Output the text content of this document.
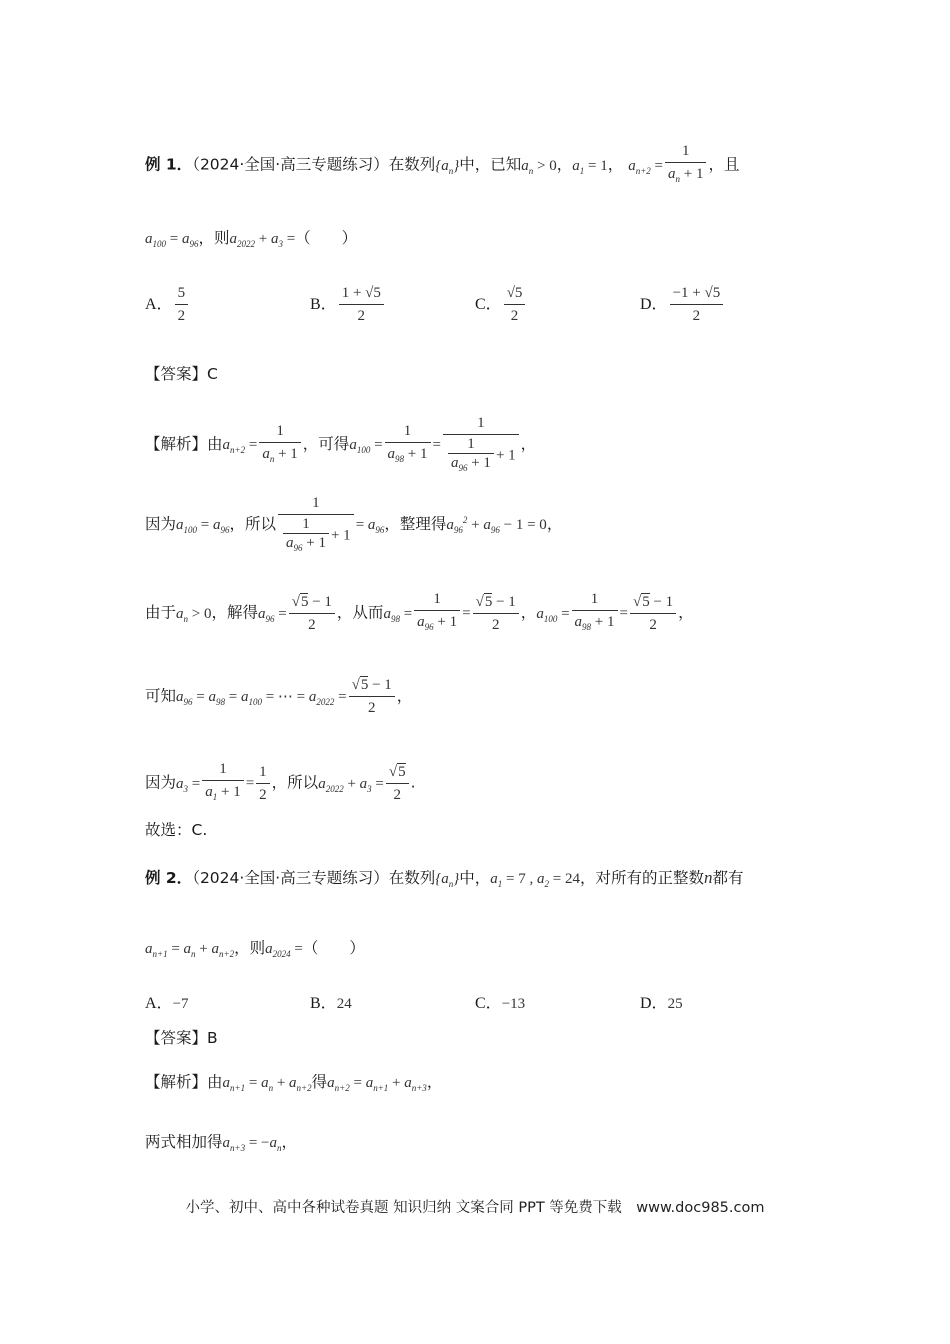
例 1．（2024·全国·高三专题练习）在数列$\{a_n\}$中，已知$a_n > 0$，$a_1 = 1$， $a_{n+2} = \frac{1}{a_n + 1}$ ，且
$a_{100} = a_{96}$，则$a_{2022} + a_3$ =（　　）
A． $\frac{5}{2}$	B． $\frac{1 + √5}{2}$	C． $\frac{√5}{2}$	D． $\frac{-1 + √5}{2}$
【答案】C
【解析】由$a_{n+2} = \frac{1}{a_n + 1}$ ，可得$a_{100} = \frac{1}{a_{98} + 1} = \frac{1}{\frac{1}{a_{96} + 1} + 1}$ ，
因为$a_{100} = a_{96}$，所以 $\frac{1}{\frac{1}{a_{96} + 1} + 1} = a_{96}$，整理得$a_{96}^2 + a_{96} - 1 = 0$，
由于$a_n > 0$，解得$a_{96} = \frac{√5 - 1}{2}$ ，从而$a_{98} = \frac{1}{a_{96} + 1} = \frac{√5 - 1}{2}$ ，$a_{100} = \frac{1}{a_{98} + 1} = \frac{√5 - 1}{2}$ ，
可知$a_{96} = a_{98} = a_{100}$ = ⋯ = $a_{2022} = \frac{√5 - 1}{2}$ ，
因为$a_3 = \frac{1}{a_1 + 1} = \frac{1}{2}$ ，所以$a_{2022} + a_3 = \frac{√5}{2}$ .
故选：C.
例 2．（2024·全国·高三专题练习）在数列$\{a_n\}$中，$a_1 = 7$ , $a_2 = 24$，对所有的正整数n都有
$a_{n+1} = a_n + a_{n+2}$，则$a_{2024}$ =（　　）
A．−7	B．24	C．−13	D．25
【答案】B
【解析】由$a_{n+1} = a_n + a_{n+2}$得$a_{n+2} = a_{n+1} + a_{n+3}$，
两式相加得$a_{n+3} = -a_n$，
小学、初中、高中各种试卷真题 知识归纳 文案合同 PPT 等免费下载　www.doc985.com
